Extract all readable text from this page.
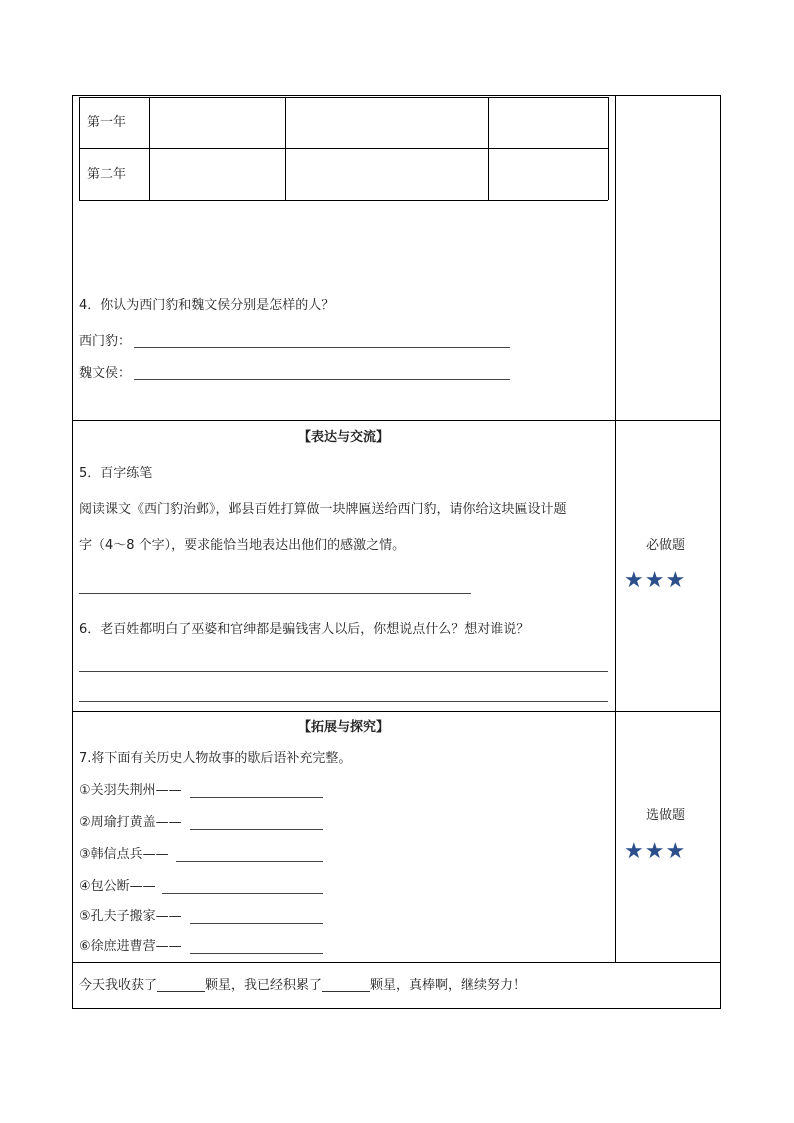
第一年
第二年
4．你认为西门豹和魏文侯分别是怎样的人？
西门豹：
魏文侯：
【表达与交流】
5．百字练笔
阅读课文《西门豹治邺》，邺县百姓打算做一块牌匾送给西门豹，请你给这块匾设计题
字（4～8 个字），要求能恰当地表达出他们的感激之情。
6．老百姓都明白了巫婆和官绅都是骗钱害人以后，你想说点什么？想对谁说？
必做题
★★★
【拓展与探究】
7.将下面有关历史人物故事的歇后语补充完整。
①关羽失荆州——
②周瑜打黄盖——
③韩信点兵——
④包公断——
⑤孔夫子搬家——
⑥徐庶进曹营——
选做题
★★★
今天我收获了	颗星，我已经积累了	颗星，真棒啊，继续努力！
